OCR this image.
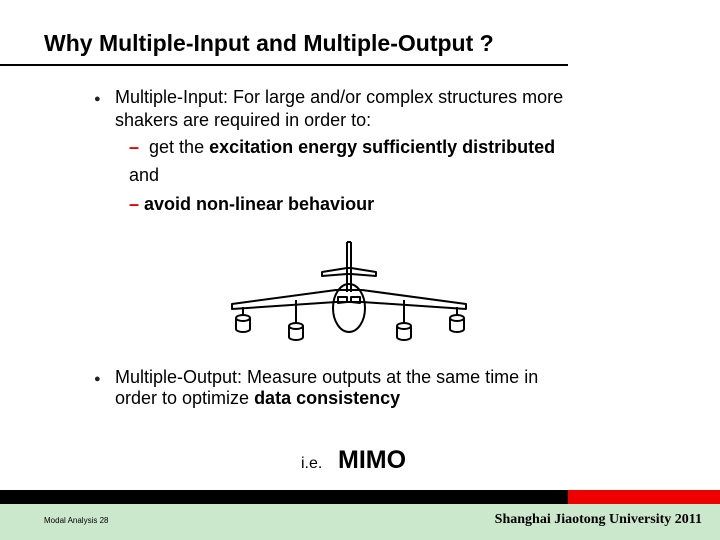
Why Multiple-Input and Multiple-Output ?
● Multiple-Input: For large and/or complex structures more
shakers are required in order to:
– get the excitation energy sufficiently distributed
and
– avoid non-linear behaviour
● Multiple-Output: Measure outputs at the same time in
order to optimize data consistency
i.e. MIMO
Modal Analysis 28	Shanghai Jiaotong University 2011
